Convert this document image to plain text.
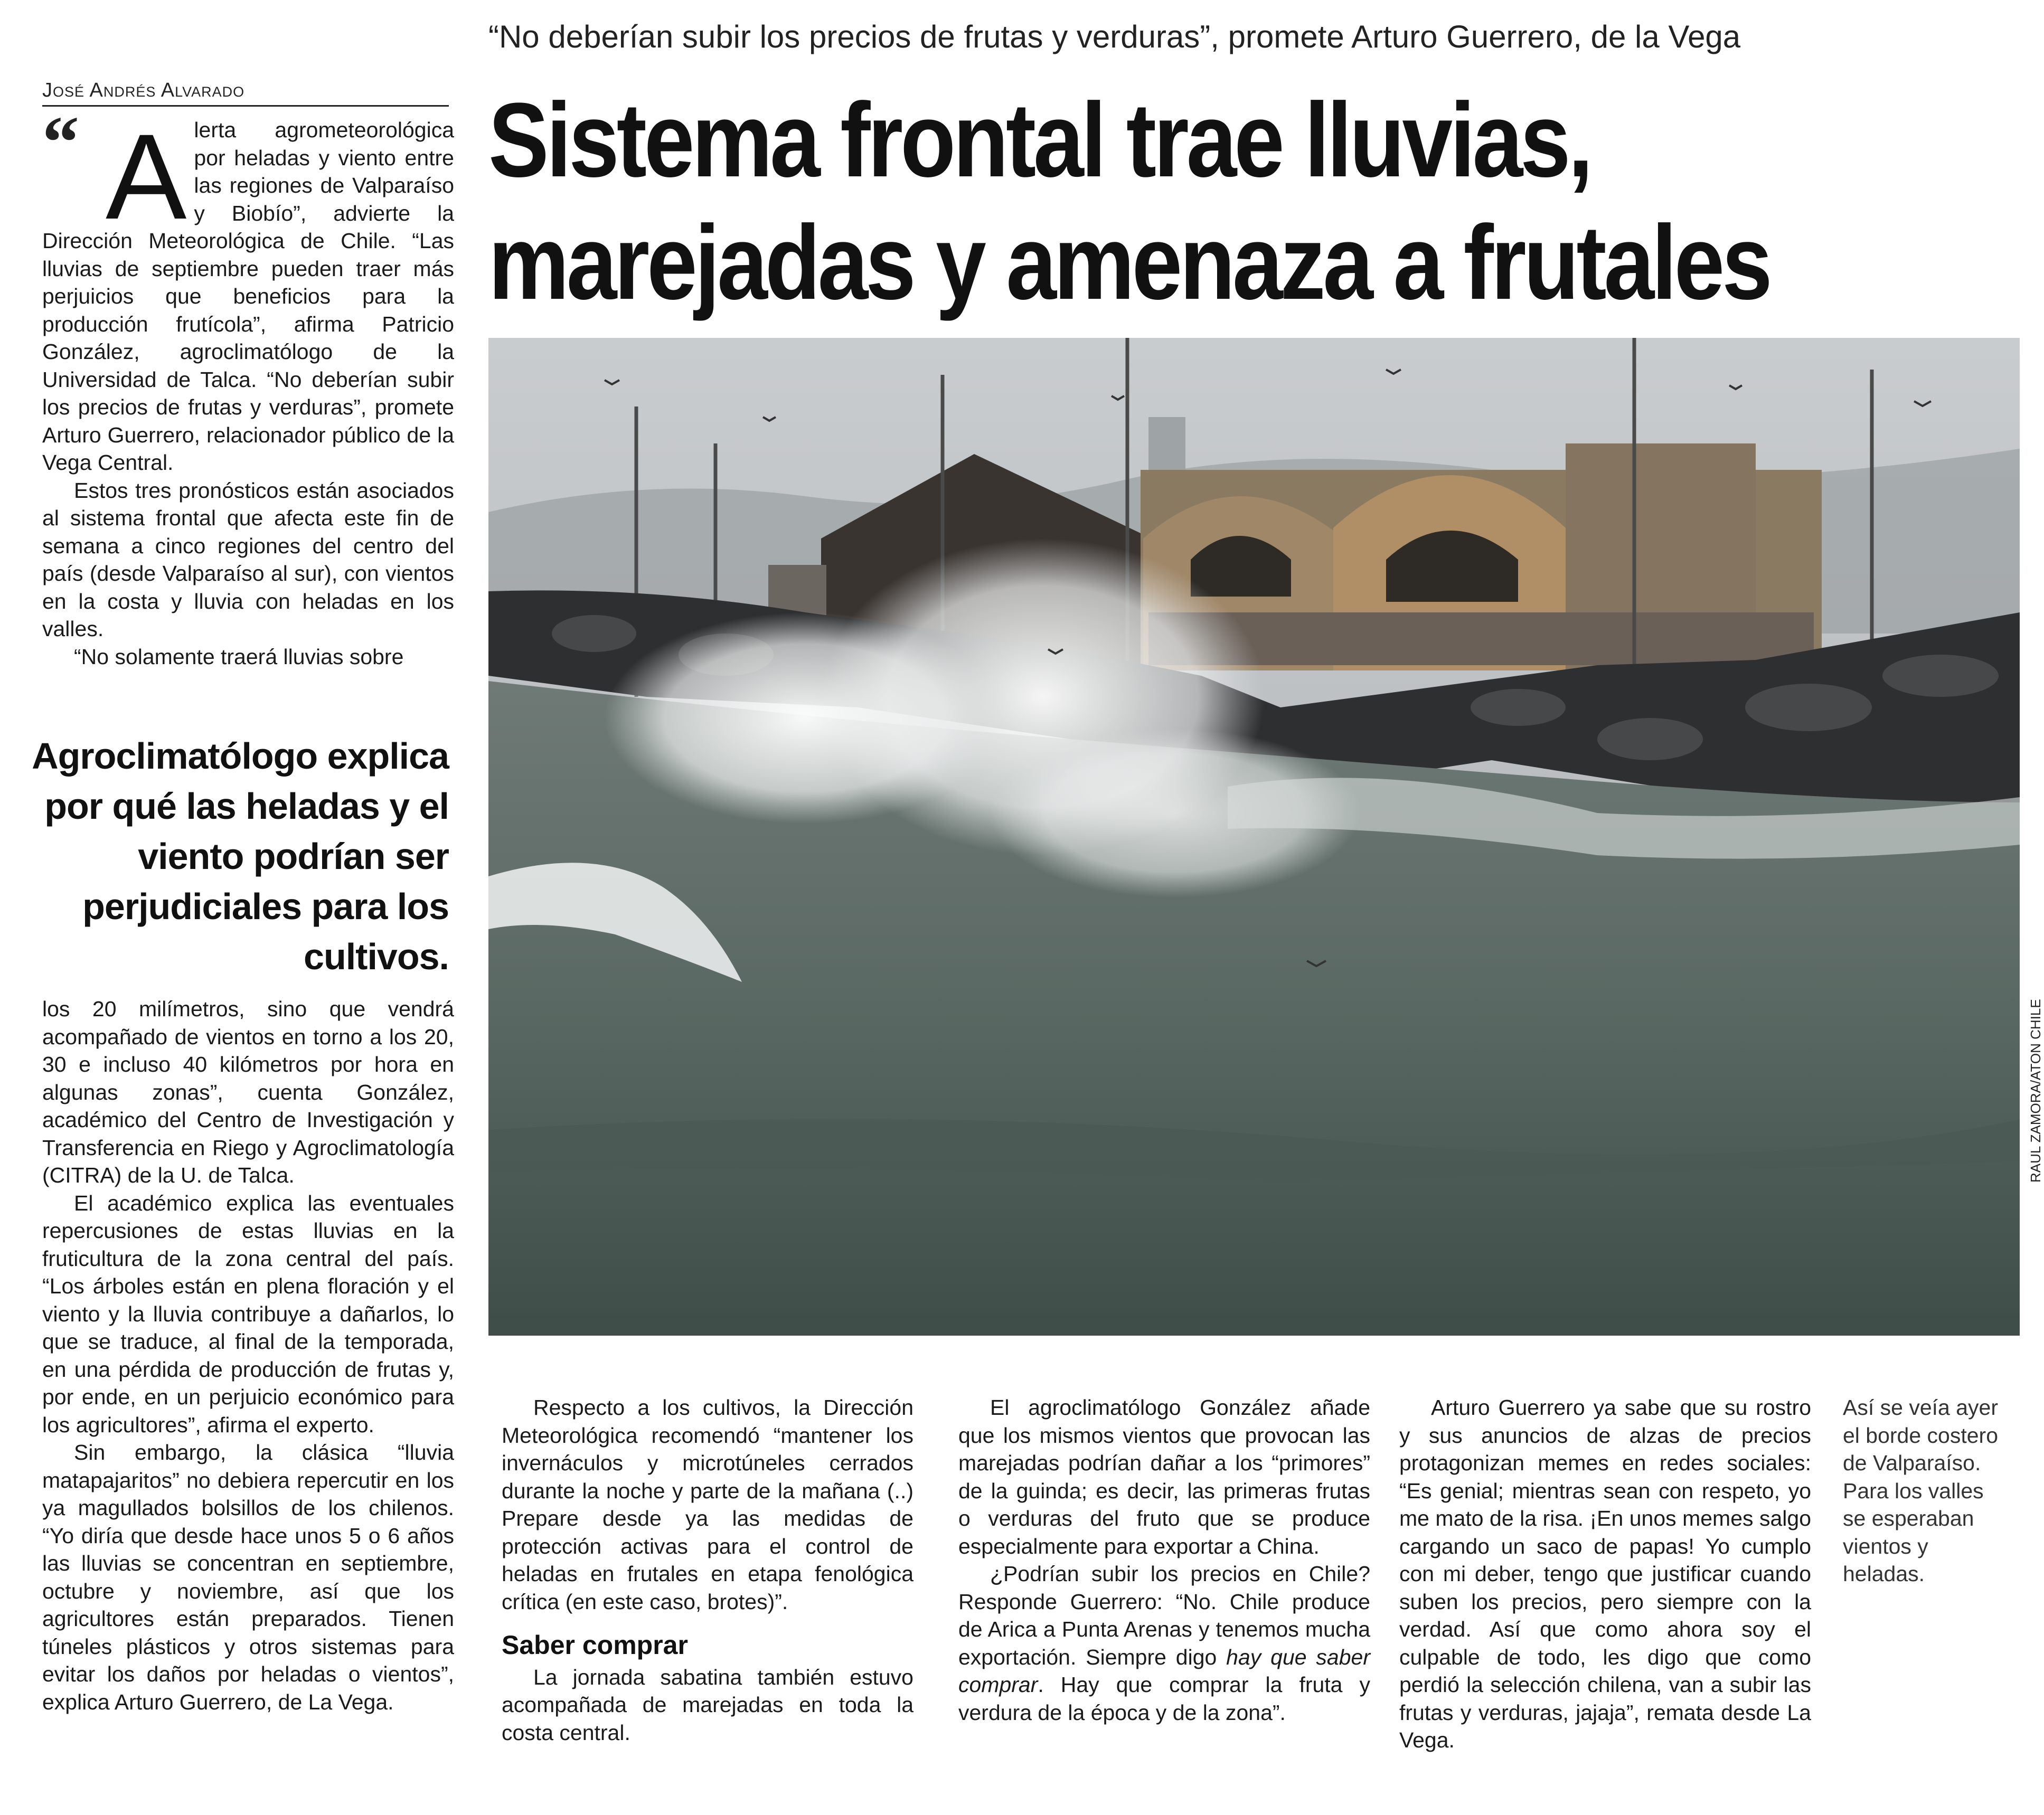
“No deberían subir los precios de frutas y verduras”, promete Arturo Guerrero, de la Vega
José Andrés Alvarado	Sistema frontal trae lluvias,
marejadas y amenaza a frutales
“ A lerta agrometeorológica por heladas y viento entre las regiones de Valparaíso y Biobío”, advierte la Dirección Meteorológica de Chile. “Las lluvias de septiembre pueden traer más perjuicios que beneficios para la producción frutícola”, afirma Patricio González, agroclimatólogo de la Universidad de Talca. “No deberían subir los precios de frutas y verduras”, promete Arturo Guerrero, relacionador público de la Vega Central.

Estos tres pronósticos están asociados al sistema frontal que afecta este fin de semana a cinco regiones del centro del país (desde Valparaíso al sur), con vientos en la costa y lluvia con heladas en los valles.

“No solamente traerá lluvias sobre

Agroclimatólogo explica por qué las heladas y el viento podrían ser perjudiciales para los cultivos.

los 20 milímetros, sino que vendrá acompañado de vientos en torno a los 20, 30 e incluso 40 kilómetros por hora en algunas zonas”, cuenta González, académico del Centro de Investigación y Transferencia en Riego y Agroclimatología (CITRA) de la U. de Talca.

El académico explica las eventuales repercusiones de estas lluvias en la fruticultura de la zona central del país. “Los árboles están en plena floración y el viento y la lluvia contribuye a dañarlos, lo que se traduce, al final de la temporada, en una pérdida de producción de frutas y, por ende, en un perjuicio económico para los agricultores”, afirma el experto.

Sin embargo, la clásica “lluvia matapajaritos” no debiera repercutir en los ya magullados bolsillos de los chilenos. “Yo diría que desde hace unos 5 o 6 años las lluvias se concentran en septiembre, octubre y noviembre, así que los agricultores están preparados. Tienen túneles plásticos y otros sistemas para evitar los daños por heladas o vientos”, explica Arturo Guerrero, de La Vega.

RAUL ZAMORA/ATON CHILE

Respecto a los cultivos, la Dirección Meteorológica recomendó “mantener los invernáculos y microtúneles cerrados durante la noche y parte de la mañana (..) Prepare desde ya las medidas de protección activas para el control de heladas en frutales en etapa fenológica crítica (en este caso, brotes)”.

Saber comprar

La jornada sabatina también estuvo acompañada de marejadas en toda la costa central.

El agroclimatólogo González añade que los mismos vientos que provocan las marejadas podrían dañar a los “primores” de la guinda; es decir, las primeras frutas o verduras del fruto que se produce especialmente para exportar a China.

¿Podrían subir los precios en Chile? Responde Guerrero: “No. Chile produce de Arica a Punta Arenas y tenemos mucha exportación. Siempre digo hay que saber comprar. Hay que comprar la fruta y verdura de la época y de la zona”.

Arturo Guerrero ya sabe que su rostro y sus anuncios de alzas de precios protagonizan memes en redes sociales: “Es genial; mientras sean con respeto, yo me mato de la risa. ¡En unos memes salgo cargando un saco de papas! Yo cumplo con mi deber, tengo que justificar cuando suben los precios, pero siempre con la verdad. Así que como ahora soy el culpable de todo, les digo que como perdió la selección chilena, van a subir las frutas y verduras, jajaja”, remata desde La Vega.

Así se veía ayer el borde costero de Valparaíso. Para los valles se esperaban vientos y heladas.
